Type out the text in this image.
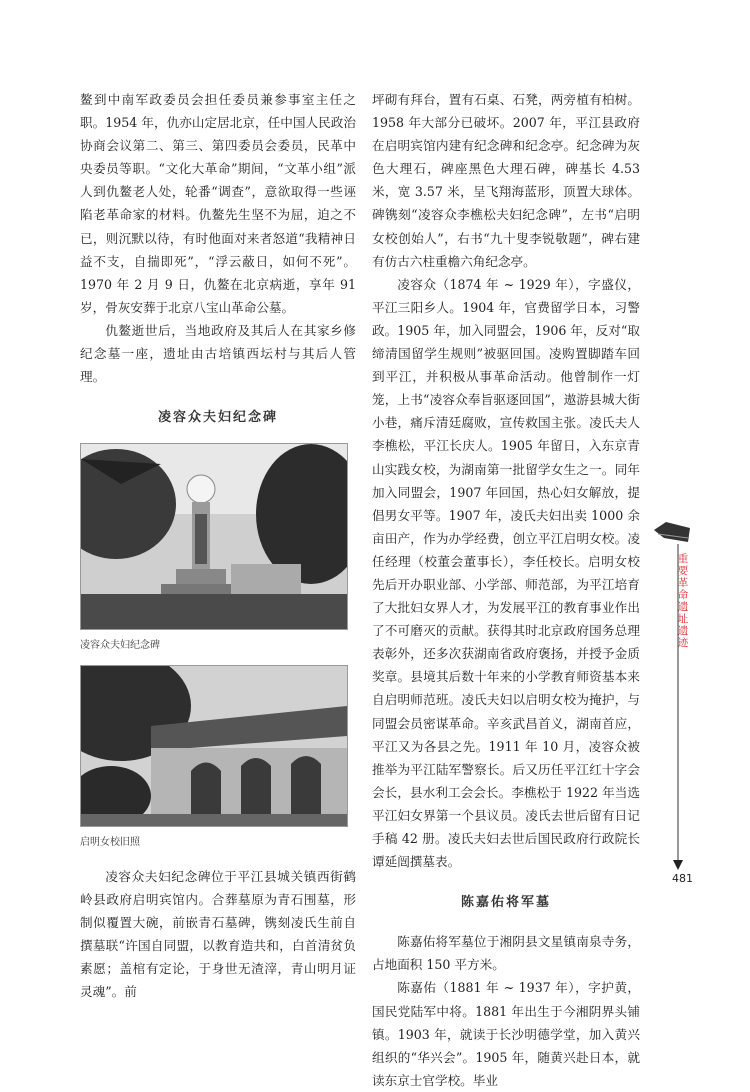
鳌到中南军政委员会担任委员兼参事室主任之职。1954 年，仇亦山定居北京，任中国人民政治协商会议第二、第三、第四委员会委员，民革中央委员等职。“文化大革命”期间，“文革小组”派人到仇鳌老人处，轮番“调查”，意欲取得一些诬陷老革命家的材料。仇鳌先生坚不为屈，迫之不已，则沉默以待，有时他面对来者怒道“我精神日益不支，自揣即死”，“浮云蔽日，如何不死”。1970 年 2 月 9 日，仇鳌在北京病逝，享年 91 岁，骨灰安葬于北京八宝山革命公墓。

仇鳌逝世后，当地政府及其后人在其家乡修纪念墓一座，遗址由古培镇西坛村与其后人管理。

凌容众夫妇纪念碑
凌容众夫妇纪念碑
启明女校旧照

凌容众夫妇纪念碑位于平江县城关镇西街鹤岭县政府启明宾馆内。合葬墓原为青石围墓，形制似覆置大碗，前嵌青石墓碑，镌刻凌氏生前自撰墓联“许国自同盟，以教育造共和，白首清贫负素愿；盖棺有定论，于身世无渣滓，青山明月证灵魂”。前

坪砌有拜台，置有石桌、石凳，两旁植有柏树。1958 年大部分已破坏。2007 年，平江县政府在启明宾馆内建有纪念碑和纪念亭。纪念碑为灰色大理石，碑座黑色大理石碑，碑基长 4.53 米，宽 3.57 米，呈飞翔海蓝形，顶置大球体。碑镌刻“凌容众李樵松夫妇纪念碑”，左书“启明女校创始人”，右书“九十叟李锐敬题”，碑右建有仿古六柱重檐六角纪念亭。

凌容众（1874 年 ~ 1929 年），字盛仪，平江三阳乡人。1904 年，官费留学日本，习警政。1905 年，加入同盟会，1906 年，反对“取缔清国留学生规则”被驱回国。凌购置脚踏车回到平江，并积极从事革命活动。他曾制作一灯笼，上书“凌容众奉旨驱逐回国”，遨游县城大街小巷，痛斥清廷腐败，宣传救国主张。凌氏夫人李樵松，平江长庆人。1905 年留日，入东京青山实践女校，为湖南第一批留学女生之一。同年加入同盟会，1907 年回国，热心妇女解放，提倡男女平等。1907 年，凌氏夫妇出卖 1000 余亩田产，作为办学经费，创立平江启明女校。凌任经理（校董会董事长），李任校长。启明女校先后开办职业部、小学部、师范部，为平江培育了大批妇女界人才，为发展平江的教育事业作出了不可磨灭的贡献。获得其时北京政府国务总理表彰外，还多次获湖南省政府褒扬，并授予金质奖章。县境其后数十年来的小学教育师资基本来自启明师范班。凌氏夫妇以启明女校为掩护，与同盟会员密谋革命。辛亥武昌首义，湖南首应，平江又为各县之先。1911 年 10 月，凌容众被推举为平江陆军警察长。后又历任平江红十字会会长，县水利工会会长。李樵松于 1922 年当选平江妇女界第一个县议员。凌氏去世后留有日记手稿 42 册。凌氏夫妇去世后国民政府行政院长谭延闿撰墓表。

陈嘉佑将军墓

陈嘉佑将军墓位于湘阴县文星镇南泉寺务，占地面积 150 平方米。

陈嘉佑（1881 年 ~ 1937 年），字护黄，国民党陆军中将。1881 年出生于今湘阴界头铺镇。1903 年，就读于长沙明德学堂，加入黄兴组织的“华兴会”。1905 年，随黄兴赴日本，就读东京士官学校。毕业

重要革命遗址遗迹
481
